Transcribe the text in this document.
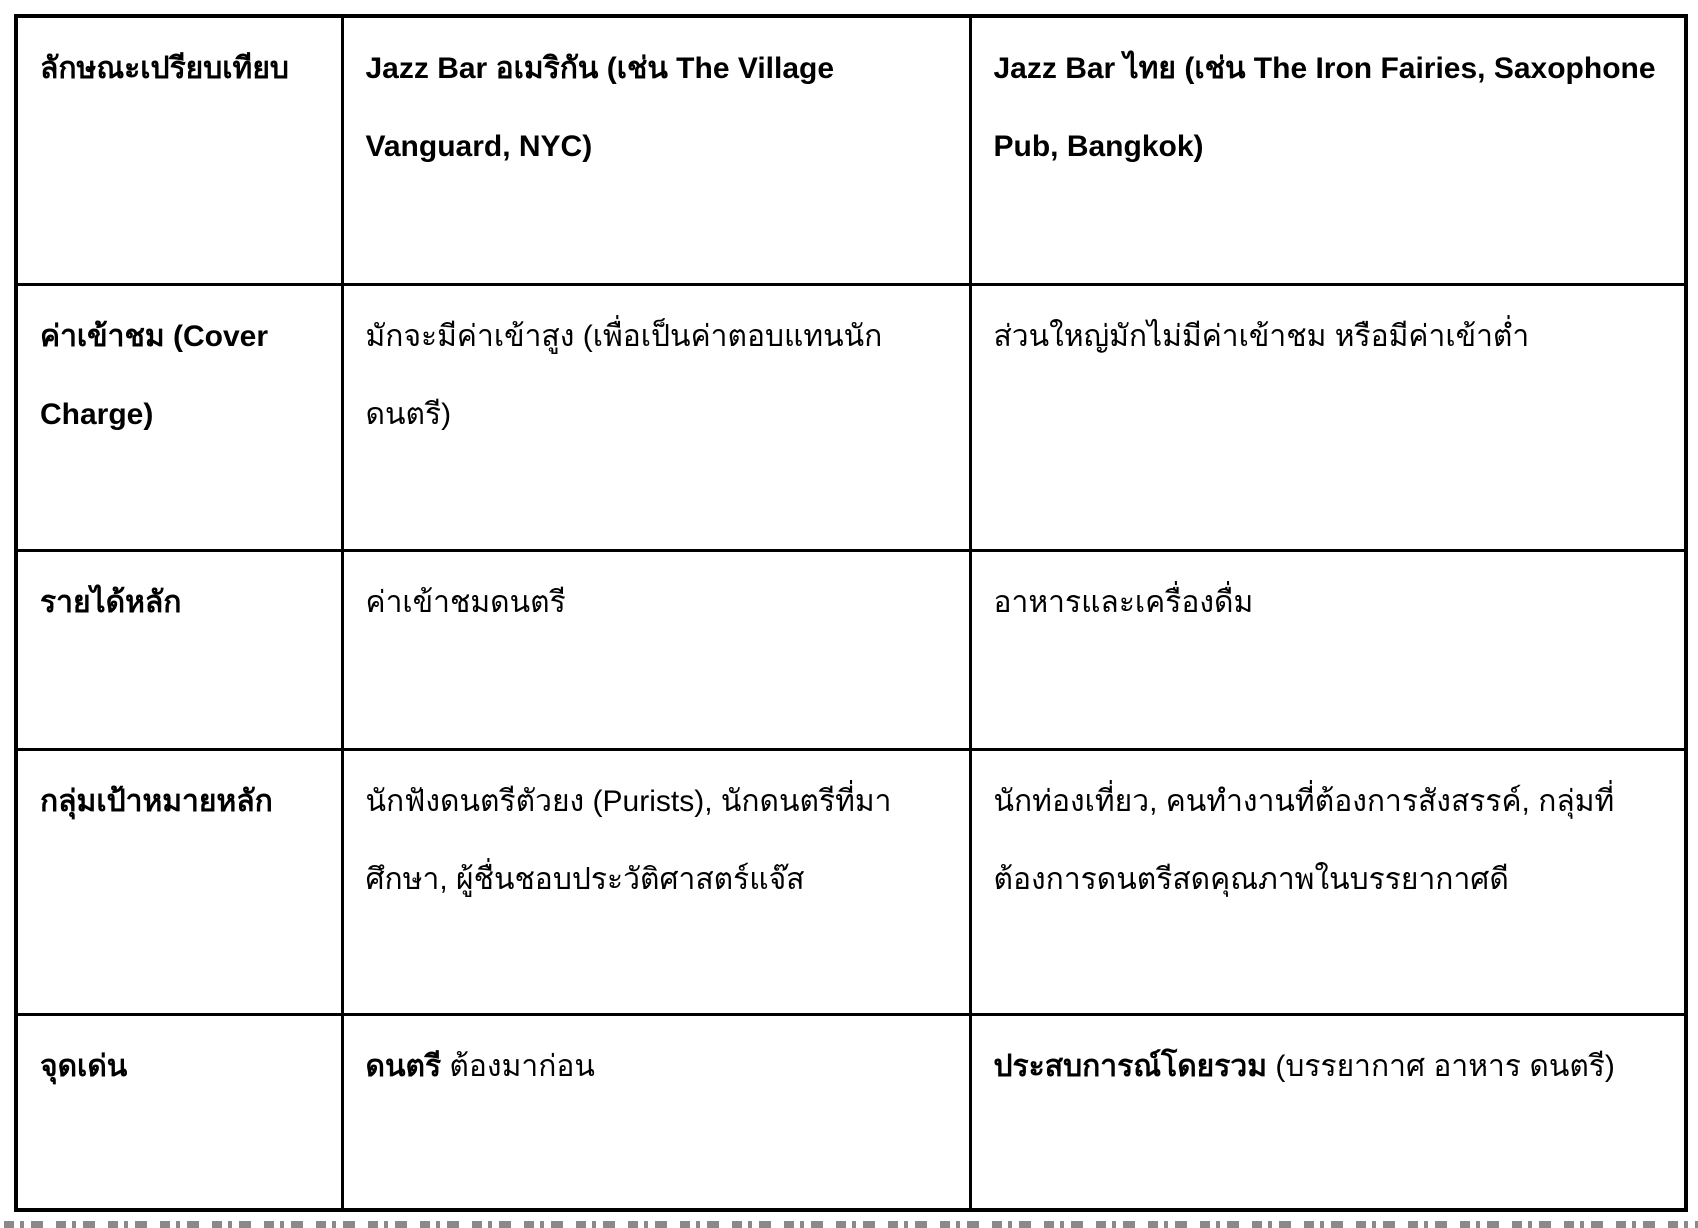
ลักษณะเปรียบเทียบ	Jazz Bar อเมริกัน (เช่น The Village Vanguard, NYC)	Jazz Bar ไทย (เช่น The Iron Fairies, Saxophone Pub, Bangkok)
ค่าเข้าชม (Cover Charge)	มักจะมีค่าเข้าสูง (เพื่อเป็นค่าตอบแทนนักดนตรี)	ส่วนใหญ่มักไม่มีค่าเข้าชม หรือมีค่าเข้าต่ำ
รายได้หลัก	ค่าเข้าชมดนตรี	อาหารและเครื่องดื่ม
กลุ่มเป้าหมายหลัก	นักฟังดนตรีตัวยง (Purists), นักดนตรีที่มาศึกษา, ผู้ชื่นชอบประวัติศาสตร์แจ๊ส	นักท่องเที่ยว, คนทำงานที่ต้องการสังสรรค์, กลุ่มที่ต้องการดนตรีสดคุณภาพในบรรยากาศดี
จุดเด่น	ดนตรี ต้องมาก่อน	ประสบการณ์โดยรวม (บรรยากาศ อาหาร ดนตรี)
